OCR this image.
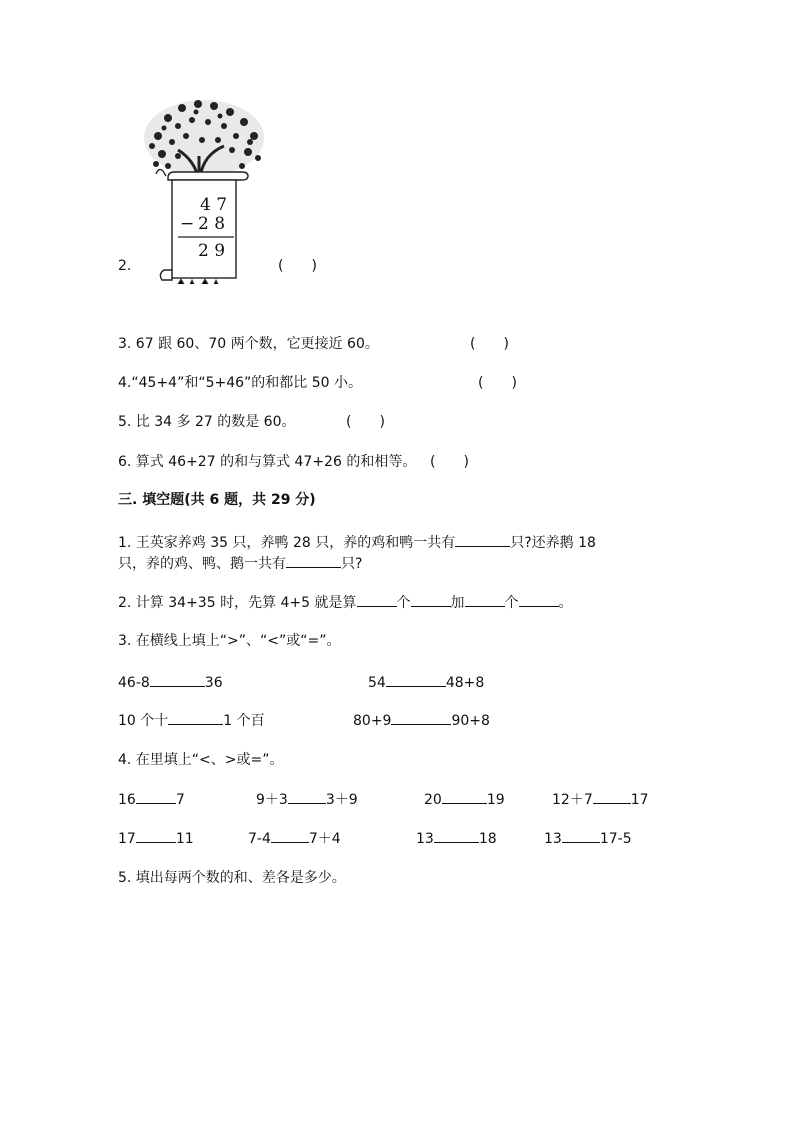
2.
4 7
− 2 8
2 9
(　　)
3. 67 跟 60、70 两个数，它更接近 60。	(　　)
4.“45+4”和“5+46”的和都比 50 小。	(　　)
5. 比 34 多 27 的数是 60。	(　　)
6. 算式 46+27 的和与算式 47+26 的和相等。 (　　)
三. 填空题(共 6 题，共 29 分)
1. 王英家养鸡 35 只，养鸭 28 只，养的鸡和鸭一共有	只?还养鹅 18
只，养的鸡、鸭、鹅一共有	只?
2. 计算 34+35 时，先算 4+5 就是算	个	加	个	。
3. 在横线上填上“>”、“<”或“=”。
46-8	36	54	48+8
10 个十	1 个百	80+9	90+8
4. 在里填上“<、>或=”。
16	7	9＋3	3＋9	20	19	12＋7	17
17	11	7-4	7＋4	13	18	13	17-5
5. 填出每两个数的和、差各是多少。
